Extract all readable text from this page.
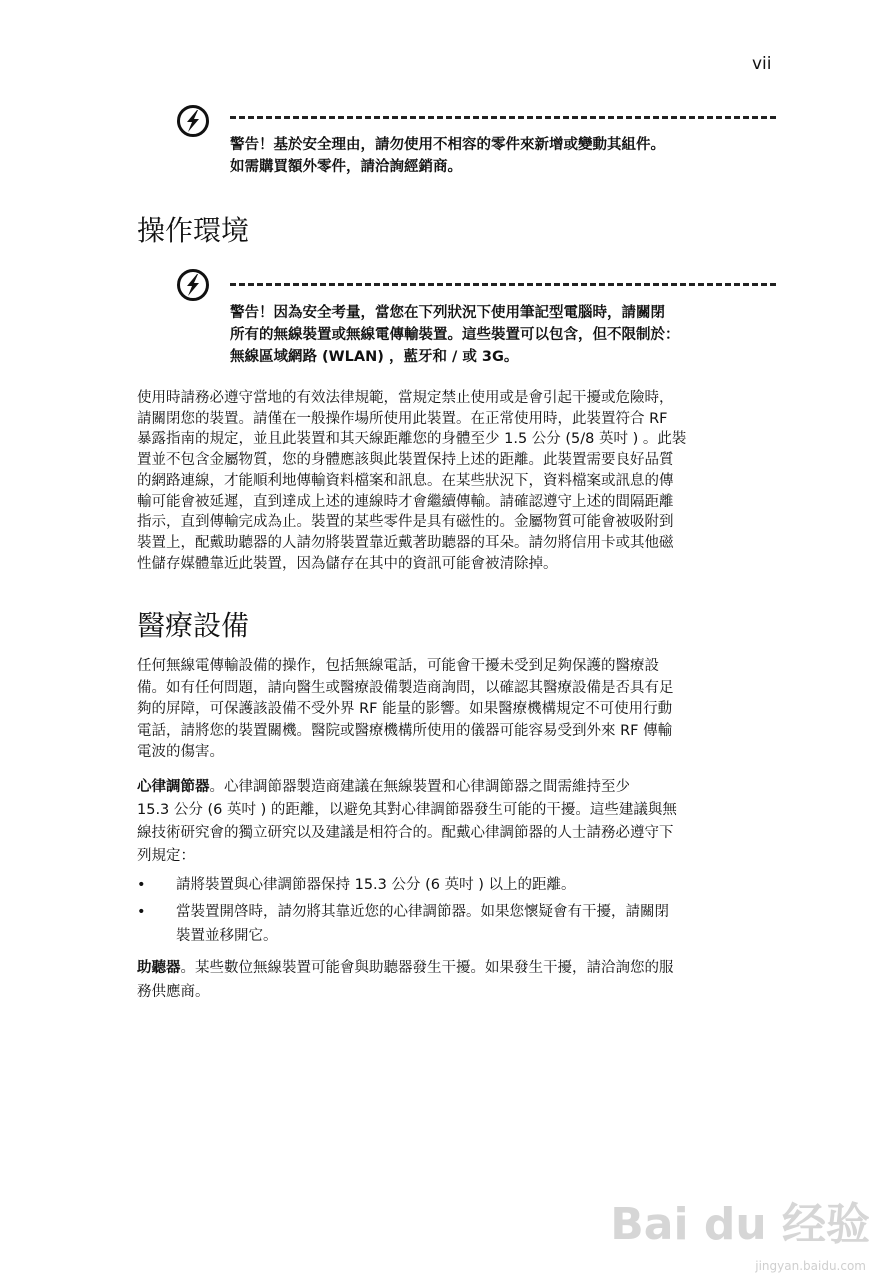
vii
警告！基於安全理由，請勿使用不相容的零件來新增或變動其組件。
如需購買額外零件，請洽詢經銷商。
操作環境
警告！因為安全考量，當您在下列狀況下使用筆記型電腦時，請關閉
所有的無線裝置或無線電傳輸裝置。這些裝置可以包含，但不限制於：
無線區域網路 (WLAN) ，藍牙和 / 或 3G。
使用時請務必遵守當地的有效法律規範，當規定禁止使用或是會引起干擾或危險時，
請關閉您的裝置。請僅在一般操作場所使用此裝置。在正常使用時，此裝置符合 RF
暴露指南的規定，並且此裝置和其天線距離您的身體至少 1.5 公分 (5/8 英吋 ) 。此裝
置並不包含金屬物質，您的身體應該與此裝置保持上述的距離。此裝置需要良好品質
的網路連線，才能順利地傳輸資料檔案和訊息。在某些狀況下，資料檔案或訊息的傳
輸可能會被延遲，直到達成上述的連線時才會繼續傳輸。請確認遵守上述的間隔距離
指示，直到傳輸完成為止。裝置的某些零件是具有磁性的。金屬物質可能會被吸附到
裝置上，配戴助聽器的人請勿將裝置靠近戴著助聽器的耳朵。請勿將信用卡或其他磁
性儲存媒體靠近此裝置，因為儲存在其中的資訊可能會被清除掉。
醫療設備
任何無線電傳輸設備的操作，包括無線電話，可能會干擾未受到足夠保護的醫療設
備。如有任何問題，請向醫生或醫療設備製造商詢問，以確認其醫療設備是否具有足
夠的屏障，可保護該設備不受外界 RF 能量的影響。如果醫療機構規定不可使用行動
電話，請將您的裝置關機。醫院或醫療機構所使用的儀器可能容易受到外來 RF 傳輸
電波的傷害。
心律調節器。心律調節器製造商建議在無線裝置和心律調節器之間需維持至少
15.3 公分 (6 英吋 ) 的距離，以避免其對心律調節器發生可能的干擾。這些建議與無
線技術研究會的獨立研究以及建議是相符合的。配戴心律調節器的人士請務必遵守下
列規定：
• 請將裝置與心律調節器保持 15.3 公分 (6 英吋 ) 以上的距離。
• 當裝置開啓時，請勿將其靠近您的心律調節器。如果您懷疑會有干擾，請關閉
裝置並移開它。
助聽器。某些數位無線裝置可能會與助聽器發生干擾。如果發生干擾，請洽詢您的服
務供應商。
Bai du 经验
jingyan.baidu.com
